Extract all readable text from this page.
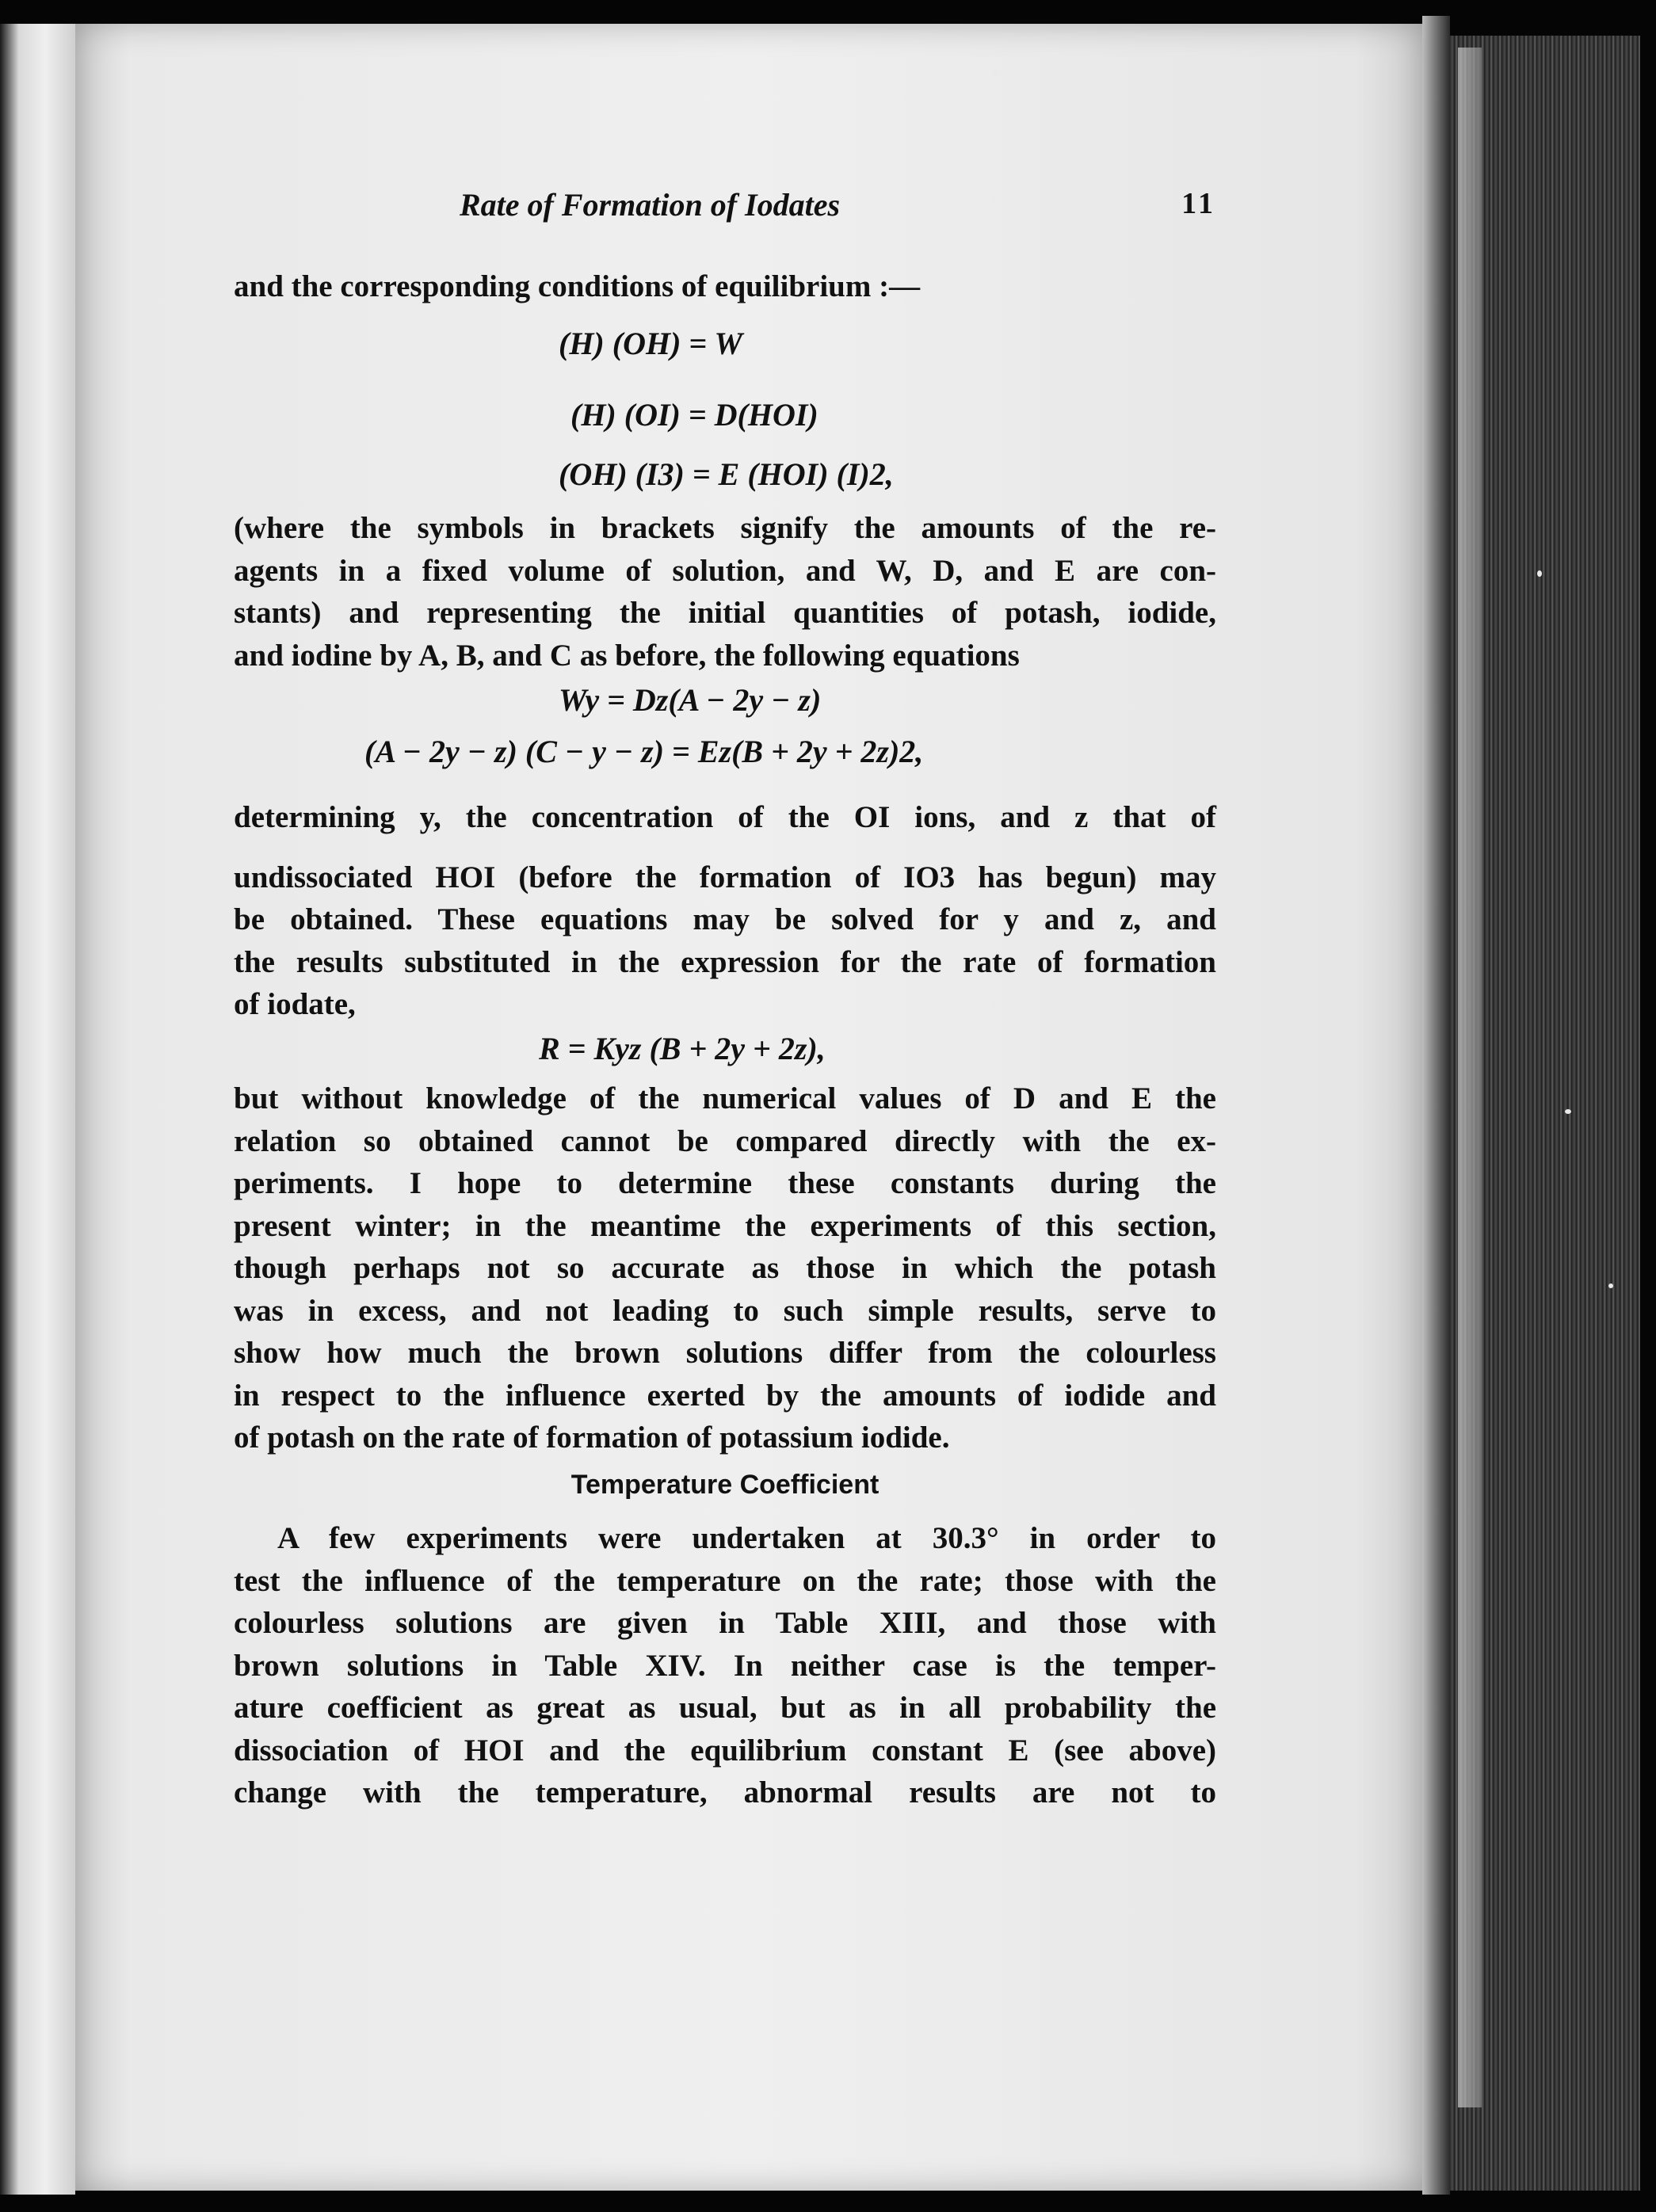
Rate of Formation of Iodates	11
and the corresponding conditions of equilibrium :—
(H) (OH) = W
(H) (OI) = D(HOI)
(OH) (I3) = E (HOI) (I)2,
(where the symbols in brackets signify the amounts of the re-
agents in a fixed volume of solution, and W, D, and E are con-
stants) and representing the initial quantities of potash, iodide,
and iodine by A, B, and C as before, the following equations
Wy = Dz(A − 2y − z)
(A − 2y − z) (C − y − z) = Ez(B + 2y + 2z)2,
determining y, the concentration of the OI ions, and z that of
undissociated HOI (before the formation of IO3 has begun) may
be obtained. These equations may be solved for y and z, and
the results substituted in the expression for the rate of formation
of iodate,
R = Kyz (B + 2y + 2z),
but without knowledge of the numerical values of D and E the
relation so obtained cannot be compared directly with the ex-
periments. I hope to determine these constants during the
present winter; in the meantime the experiments of this section,
though perhaps not so accurate as those in which the potash
was in excess, and not leading to such simple results, serve to
show how much the brown solutions differ from the colourless
in respect to the influence exerted by the amounts of iodide and
of potash on the rate of formation of potassium iodide.
Temperature Coefficient
A few experiments were undertaken at 30.3° in order to
test the influence of the temperature on the rate; those with the
colourless solutions are given in Table XIII, and those with
brown solutions in Table XIV. In neither case is the temper-
ature coefficient as great as usual, but as in all probability the
dissociation of HOI and the equilibrium constant E (see above)
change with the temperature, abnormal results are not to
